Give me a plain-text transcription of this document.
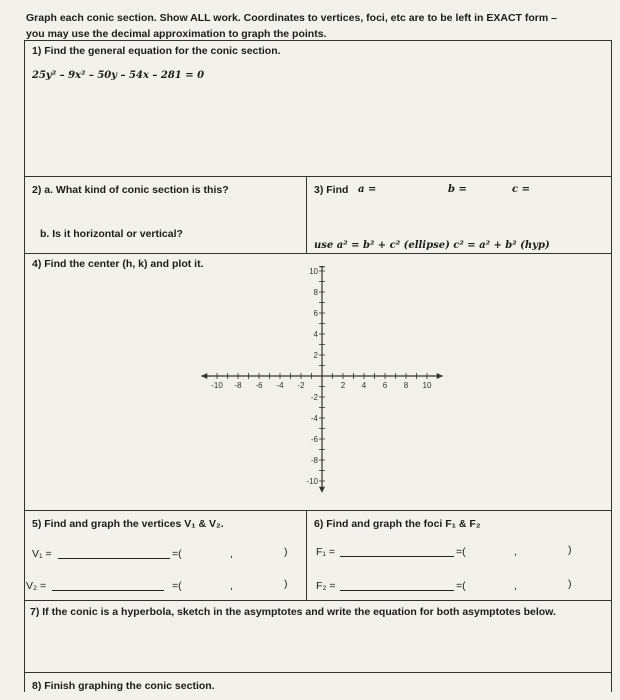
Graph each conic section. Show ALL work. Coordinates to vertices, foci, etc are to be left in EXACT form –
you may use the decimal approximation to graph the points.
1) Find the general equation for the conic section.
25y² – 9x² – 50y – 54x – 281 = 0
2) a. What kind of conic section is this?
b. Is it horizontal or vertical?
3) Find a =	b =	c =
use a² = b² + c² (ellipse) c² = a² + b² (hyp)
4) Find the center (h, k) and plot it.
-10 -8 -6 -4 -2	2 4 6 8 10
10
8
6
4
2
-2
-4
-6
-8
-10
5) Find and graph the vertices V₁ & V₂.
V₁ =	=(	,	)
V₂ =	=(	,	)
6) Find and graph the foci F₁ & F₂
F₁ =	=(	,	)
F₂ =	=(	,	)
7) If the conic is a hyperbola, sketch in the asymptotes and write the equation for both asymptotes below.
8) Finish graphing the conic section.
